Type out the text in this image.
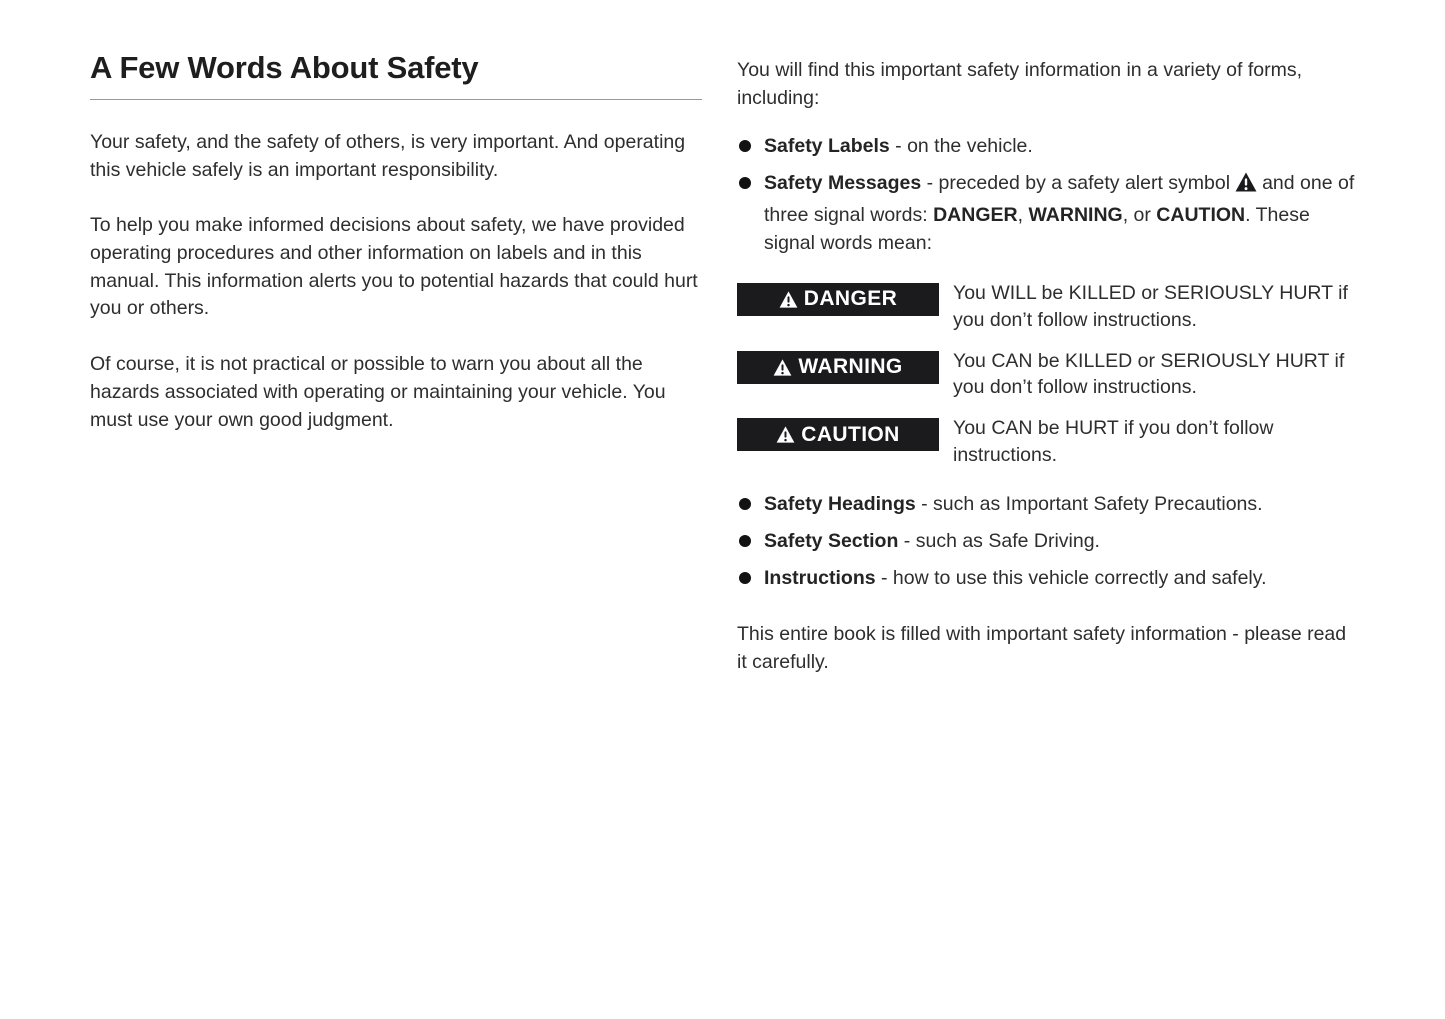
A Few Words About Safety

Your safety, and the safety of others, is very important. And operating this vehicle safely is an important responsibility.

To help you make informed decisions about safety, we have provided operating procedures and other information on labels and in this manual. This information alerts you to potential hazards that could hurt you or others.

Of course, it is not practical or possible to warn you about all the hazards associated with operating or maintaining your vehicle. You must use your own good judgment.

You will find this important safety information in a variety of forms, including:

Safety Labels - on the vehicle.
Safety Messages - preceded by a safety alert symbol and one of three signal words: DANGER, WARNING, or CAUTION. These signal words mean:
DANGER	You WILL be KILLED or SERIOUSLY HURT if you don’t follow instructions.
WARNING	You CAN be KILLED or SERIOUSLY HURT if you don’t follow instructions.
CAUTION	You CAN be HURT if you don’t follow instructions.
Safety Headings - such as Important Safety Precautions.
Safety Section - such as Safe Driving.
Instructions - how to use this vehicle correctly and safely.

This entire book is filled with important safety information - please read it carefully.
